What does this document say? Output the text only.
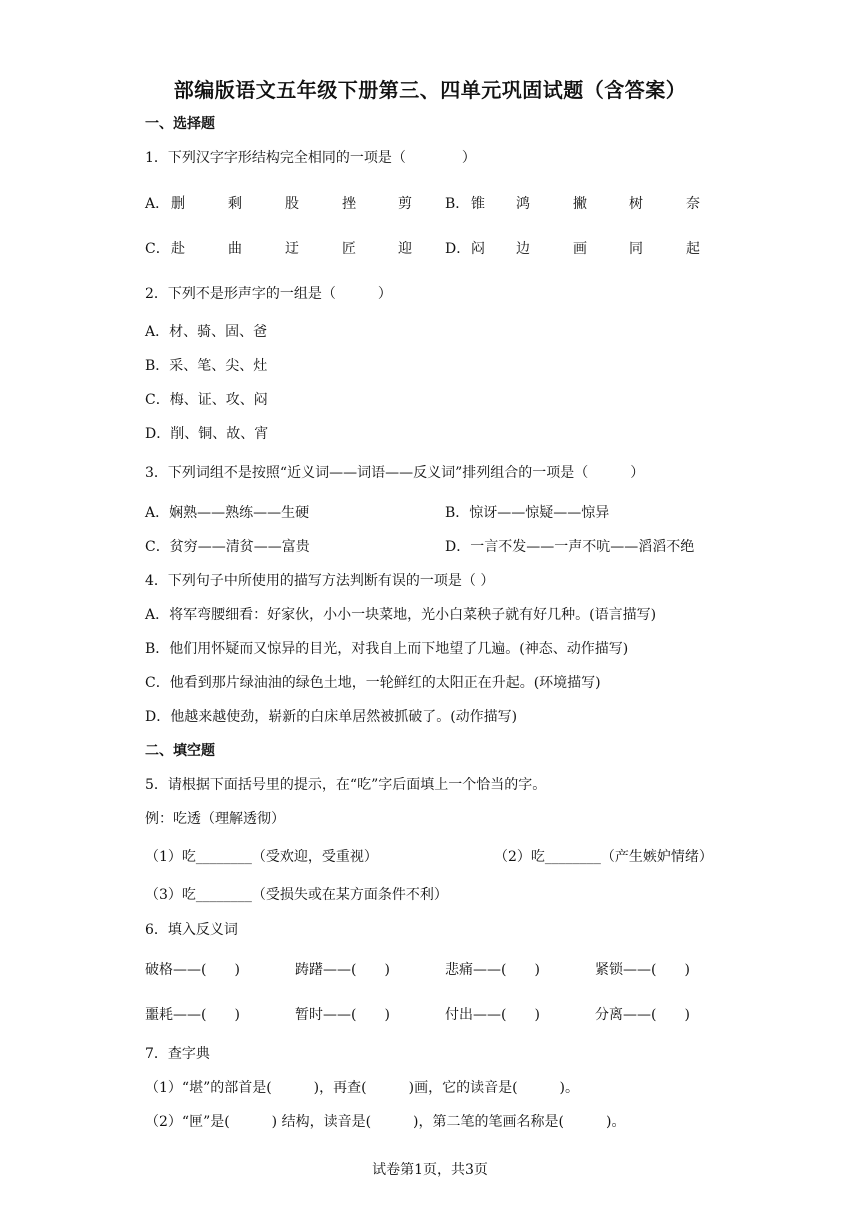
部编版语文五年级下册第三、四单元巩固试题（含答案）
一、选择题
1．下列汉字字形结构完全相同的一项是（　　　　）
A． 删	剩	股	挫	剪 B． 锥 鸿	撇	树	奈
C． 赴	曲	迂	匠	迎 D． 闷 边	画	同	起
2．下列不是形声字的一组是（　　　）
A．材、骑、固、爸
B．采、笔、尖、灶
C．梅、证、攻、闷
D．削、铜、故、宵
3．下列词组不是按照“近义词——词语——反义词”排列组合的一项是（　　　）
A．娴熟——熟练——生硬	B．惊讶——惊疑——惊异
C．贫穷——清贫——富贵	D．一言不发——一声不吭——滔滔不绝
4．下列句子中所使用的描写方法判断有误的一项是（ ）
A．将军弯腰细看：好家伙，小小一块菜地，光小白菜秧子就有好几种。(语言描写)
B．他们用怀疑而又惊异的目光，对我自上而下地望了几遍。(神态、动作描写)
C．他看到那片绿油油的绿色土地，一轮鲜红的太阳正在升起。(环境描写)
D．他越来越使劲，崭新的白床单居然被抓破了。(动作描写)
二、填空题
5．请根据下面括号里的提示，在“吃”字后面填上一个恰当的字。
例：吃透（理解透彻）
（1）吃________（受欢迎，受重视）	（2）吃________（产生嫉妒情绪）
（3）吃________（受损失或在某方面条件不利）
6．填入反义词
破格——(　　)	踌躇——(　　)	悲痛——(　　)	紧锁——(　　)
噩耗——(　　)	暂时——(　　)	付出——(　　)	分离——(　　)
7．查字典
（1）“堪”的部首是(　　　)，再查(　　　)画，它的读音是(　　　)。
（2）“匣”是(　　　) 结构，读音是(　　　)，第二笔的笔画名称是(　　　)。
试卷第1页，共3页
